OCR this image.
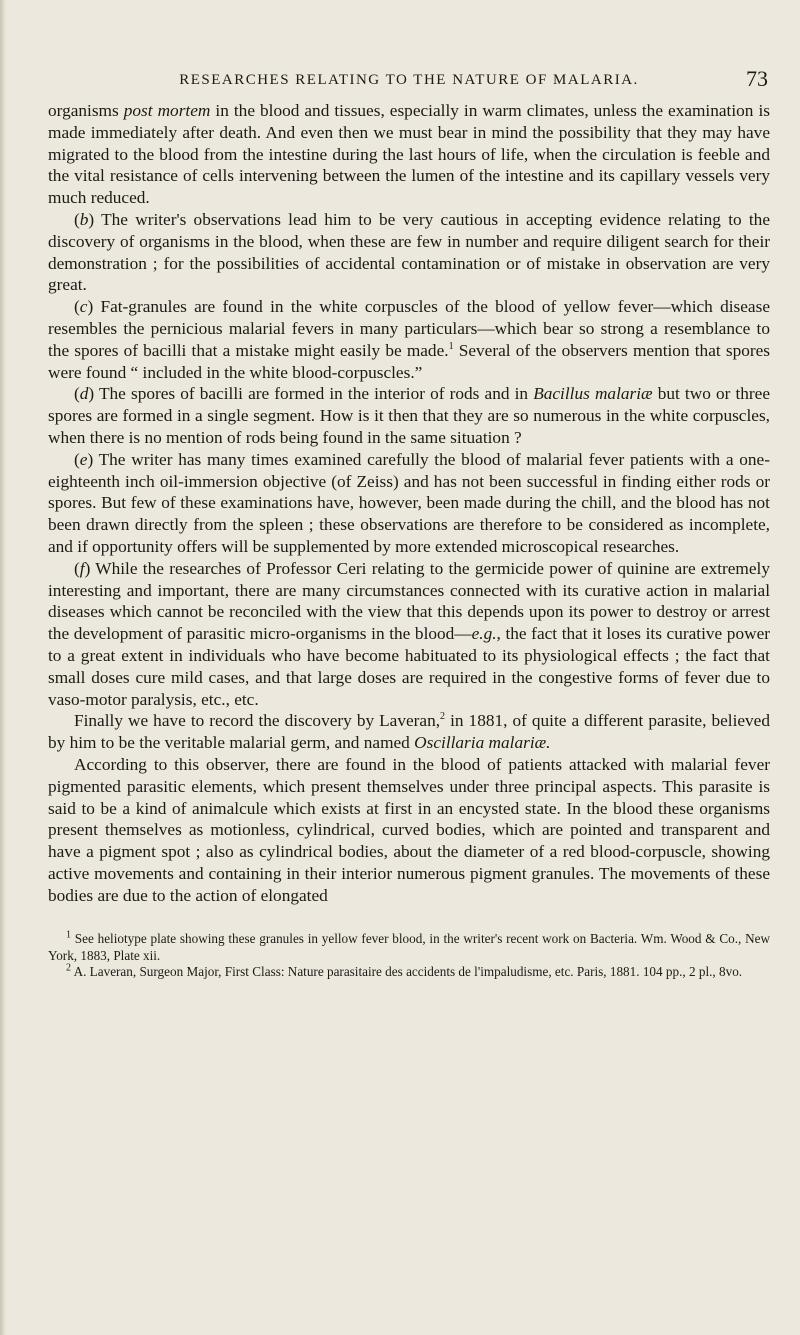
RESEARCHES RELATING TO THE NATURE OF MALARIA.	73

organisms post mortem in the blood and tissues, especially in warm climates, unless the examination is made immediately after death. And even then we must bear in mind the possibility that they may have migrated to the blood from the intestine during the last hours of life, when the circulation is feeble and the vital resistance of cells intervening between the lumen of the intestine and its capillary vessels very much reduced.

(b) The writer's observations lead him to be very cautious in accepting evidence relating to the discovery of organisms in the blood, when these are few in number and require diligent search for their demonstration ; for the possibilities of accidental contamination or of mistake in observation are very great.

(c) Fat-granules are found in the white corpuscles of the blood of yellow fever—which disease resembles the pernicious malarial fevers in many particulars—which bear so strong a resemblance to the spores of bacilli that a mistake might easily be made.$^1$ Several of the observers mention that spores were found “ included in the white blood-corpuscles.”

(d) The spores of bacilli are formed in the interior of rods and in Bacillus malariæ but two or three spores are formed in a single segment. How is it then that they are so numerous in the white corpuscles, when there is no mention of rods being found in the same situation ?

(e) The writer has many times examined carefully the blood of malarial fever patients with a one-eighteenth inch oil-immersion objective (of Zeiss) and has not been successful in finding either rods or spores. But few of these examinations have, however, been made during the chill, and the blood has not been drawn directly from the spleen ; these observations are therefore to be considered as incomplete, and if opportunity offers will be supplemented by more extended microscopical researches.

(f) While the researches of Professor Ceri relating to the germicide power of quinine are extremely interesting and important, there are many circumstances connected with its curative action in malarial diseases which cannot be reconciled with the view that this depends upon its power to destroy or arrest the development of parasitic micro-organisms in the blood—e.g., the fact that it loses its curative power to a great extent in individuals who have become habituated to its physiological effects ; the fact that small doses cure mild cases, and that large doses are required in the congestive forms of fever due to vaso-motor paralysis, etc., etc.

Finally we have to record the discovery by Laveran,$^2$ in 1881, of quite a different parasite, believed by him to be the veritable malarial germ, and named Oscillaria malariæ.

According to this observer, there are found in the blood of patients attacked with malarial fever pigmented parasitic elements, which present themselves under three principal aspects. This parasite is said to be a kind of animalcule which exists at first in an encysted state. In the blood these organisms present themselves as motionless, cylindrical, curved bodies, which are pointed and transparent and have a pigment spot ; also as cylindrical bodies, about the diameter of a red blood-corpuscle, showing active movements and containing in their interior numerous pigment granules. The movements of these bodies are due to the action of elongated

$^1$ See heliotype plate showing these granules in yellow fever blood, in the writer's recent work on Bacteria. Wm. Wood & Co., New York, 1883, Plate xii.

$^2$ A. Laveran, Surgeon Major, First Class: Nature parasitaire des accidents de l'impaludisme, etc. Paris, 1881. 104 pp., 2 pl., 8vo.
